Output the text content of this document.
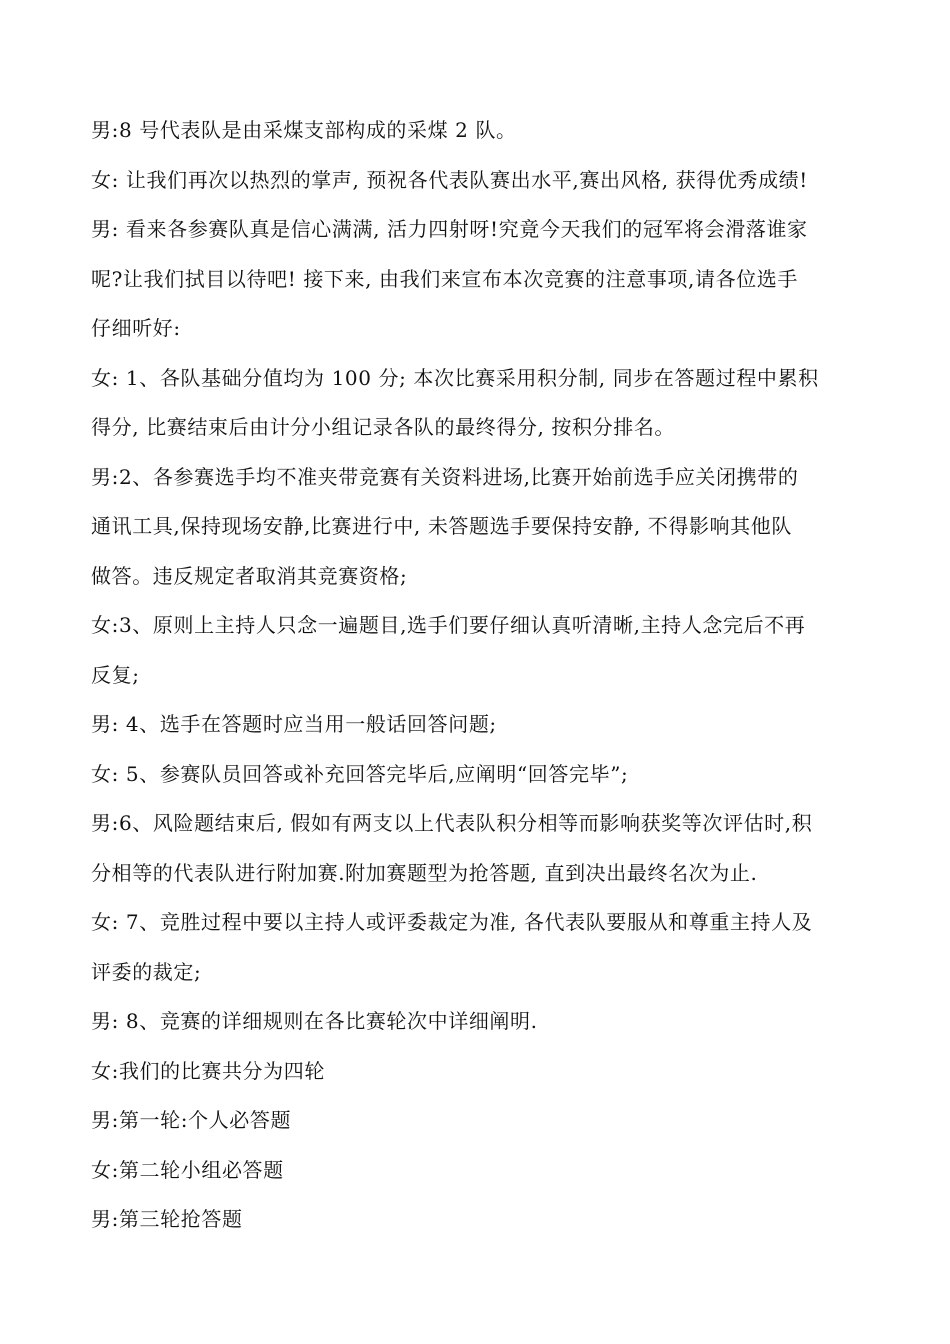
男:8 号代表队是由采煤支部构成的采煤 2 队。

女: 让我们再次以热烈的掌声, 预祝各代表队赛出水平,赛出风格, 获得优秀成绩!

男: 看来各参赛队真是信心满满, 活力四射呀!究竟今天我们的冠军将会滑落谁家

呢?让我们拭目以待吧! 接下来, 由我们来宣布本次竞赛的注意事项,请各位选手

仔细听好:

女: 1、各队基础分值均为 100 分; 本次比赛采用积分制, 同步在答题过程中累积

得分, 比赛结束后由计分小组记录各队的最终得分, 按积分排名。

男:2、各参赛选手均不准夹带竞赛有关资料进场,比赛开始前选手应关闭携带的

通讯工具,保持现场安静,比赛进行中, 未答题选手要保持安静, 不得影响其他队

做答。违反规定者取消其竞赛资格;

女:3、原则上主持人只念一遍题目,选手们要仔细认真听清晰,主持人念完后不再

反复;

男: 4、选手在答题时应当用一般话回答问题;

女: 5、参赛队员回答或补充回答完毕后,应阐明“回答完毕”;

男:6、风险题结束后, 假如有两支以上代表队积分相等而影响获奖等次评估时,积

分相等的代表队进行附加赛.附加赛题型为抢答题, 直到决出最终名次为止.

女: 7、竞胜过程中要以主持人或评委裁定为准, 各代表队要服从和尊重主持人及

评委的裁定;

男: 8、竞赛的详细规则在各比赛轮次中详细阐明.

女:我们的比赛共分为四轮

男:第一轮:个人必答题

女:第二轮小组必答题

男:第三轮抢答题
